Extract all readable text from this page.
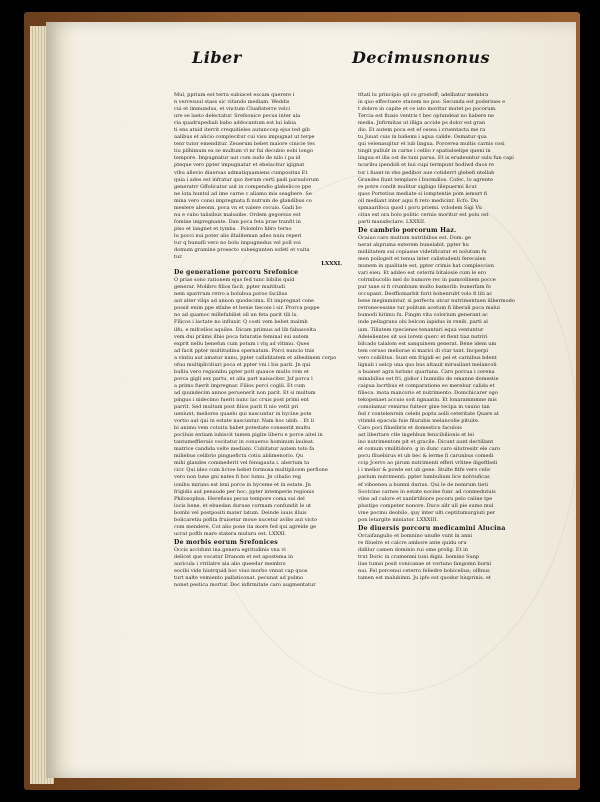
Liber	Decimusnonus
Mul, pprium est terra subiacet escam querere i
n verresuul stass sic vitando mediam. Weddis
cui et immundus, et vnctum Cluafisterre velci
ure se laeto delectatur. Srefsonice pecus inter ala
ria quadrupediali babo addocantum est lui labia
ti ens atuid iterrit crequitieles autunccep ejus ted gib
aalibus et alicio complecitur cui visu impugnat ut terpe
tenr tutor emenditur. Zeuerum bebet maiore cinicie tes
tiu pilbimum ex se multum vl nr fui decubio eobi longo
tempore. Impugnatur aut cum sudo de nilo i pa id
pteque vero ppter impugnatur et ebelacitur igignat
vihu allevio diuersas admatiquamiens cumpositus Et
quia i ades est infratur quo iterum certi padi paruulorum
generatrr Gffolicatur aut in compendio glabelicce ppe
ne lota huntul ad ime carne c aliamo mis seagbere. Se
mina vero consi impregnata fi nutrum de glandibus co
meslere abeonn. poca vn et valere cocuio. Gadi bo
nu e cubo talisibus malusibe. Ordem gegorsus est
fomine impregnante. Dan poca feta prae tranfit in
plso et langnet et tymba . Polomlro hbro terno
lu pocci nui poter alis iltaliteman adeo nuiu reperi
tur q hunufli vero no bolu impugnedus vel poll voi
domum gramine prosecto subesgunten sofeti et vuita
tur.
LXXXI.
De generatione porcoru Srefonice
O prias sono rationem ejus fed tunc bibilis quid
generar. Molibro filios facit, ppter multitudi
nem sparrrum retro a bolubua poroo facilius
aut alter vilqs ad annon quodecimu. Et impregnat cone
possit enim ppe stlabe et benie tiecoie i sir. Prorca poppe
no ad quamoc millefabilist oll un feta parit tili lx.
Filicos i lactate no influxir. Q costi vem bebet malmb
ilfu, e mifcellos aquiles. Dicam priimus ad lib fabascelta
vem dui priims ilbio poca faturatie feminal sui autem
exprit nellu benefun cum potum i vlq ad vltimu. Ques
ad facit ppter multitudinu spernatum. Porci nuncio tnis
a vintiu aut amatur nanu, ppter calliditatem et albedinem corpo
ofuu multiplicitiuri poca et ppter vni i bis parit. Jn qui
bulliu vero regionibu ppter pott quauce multo rom et
porca gigli sex partu, et aliu part naisaciter. Jsf porca l
a primo fuerit impregnar. Filios porci coglii. Et cum
ad quundecim annos peruenerit non parit. Et si multum
pingus i nidecimo fuerit nunc lac cruis post primi ent
parrit. Sed multum post filios parit fi nio vetit pri
ueniunt, meliores quaelu qui nascuntur in bycine pote
vortio aut qui in estate nascuntur. Nam hoc ubib. . Et li
bi animu vem cotuitu babet potestate consentit multu
pociluis entiam iubiscit tamen pigite liberu e porce aitel in
tantumeffleruis vocitatur in conuerso hominum lauleat.
matrice candida velte mediani. Cubitatur autem toto fa
miliebus celibrio pinguefictu cotiu ablimenorio. Qu
mihi glandes commederit vel fenugauta i. abertum ta
cicr. Qui ideo cum lictoe bebet formosa multiplicem perfione
vero non tune gni nates fi hoc lumu. Jn cibalio reg
ionibu mirans est leni porce in byceme et in estate. Jn
frigidis aut penaude per hoc, ppter intemperie regionis
Philosophus. Herefisus pecus tempore coma sui del
locis bene, et ebuedan duruse cormam confundit le ut
bombi vel postpositi mater latum. Deinde iuuis illuis
bolicaretiu pofita fruisetur moue nucetur avibo aut victo
com mendere. Cot alio pone ita more fed qui agreide ge
ucrat pofth mare statera muluru est. LXXXI.
De morbis eorum Srefonices
Occis accidunt ina genera egritudinis vna vi
delicet que vocatur Dranom et est apostema in
auricula i vtrilatre ala alio queedur membro
eocibi vide hiutrquid hoc viuo morbo vnnat cap quos
turt nalte vemiento pallaticonat. pecunat ad pulmo
nonet pestica mortur. Doc infirmitate caro augmentatur
tftati lu principio qd co grostoff; adelbatur membra
in quo effectuere stunem no pos. Secunda est poderiues e
t dolere in capite et ce isto moritur mutet po pocorum.
Tercia est fluxio ventris t bec optundeat no habere ne
media. Jnfirmitas ut illiga accide ps dolor est gran
dio. Et autem poca est ef ossea i cruentacta me ra
tu Juuat cuis in baliemi i agua calide. Osmatur qua
qui velenasqitur et iub lingua. Porcerea multis carnis cosi
tingit pullulr in carne i cellio r spatiulselipe queni in
lingua et illa ost de tuni parua. Et is erudeuntur sulu fun capi
ncaribu ipendidi et bui cupi termpunt hodiwd duos re
tor i fuant in vbo pedibor aue cotiderrt glebefi ntellab
Grandes fiunt templare i bucmdios. Cofec, lo agrente
re potre condit mulitur sigbigo lilepuermi licut
quos Portetius mediate si lomptentie pom iemurt fi
oll mediant inter aqui fi reto medicinr. Ecfo. Du
spmaarifoca quod i poru priemi. vclodem Sigi Vu
citus est ora bolo politic cernio moritur est polu ost
parti mansfeclare. LXXXII.
De cambrio porcorum Haz.
Ocaiuo caro multum nutribibus est. Dom: ge
nerat abpruma exterem bunelabit. ppter hu
midiitatem sui copiasue videtificatur et nolutum fu
men poilogeit et tenua inter calistudenti ferecalen
munem in qualitate est, ppter crimis hat compleccion
vari eieu. Et addeo est ceterni bitalosie cum le ero
colrmbucollo mel do bumore rec in pamcolinem pocce
pur tane si fi crumbium multo bamorib: bunerfam fo
occupant. Desffiomarbit forit bobenrubt volo fi liti ac
bene meginmintur, si perfectu utcar nutrimentuen ilibermodo
retronecessine tur politum acetum fi liberali poca malui
bumodi hitimu fu. Fingm vita colorium generant ac
inde pellagrans obi belcon iapidus in renib. parti al
iam. Tillatem rpecienes tenanturi equa ventuntur
Adelelientes sit uoi lorem querc et fient tiaz nutriri
bilcado talalom est sanquinem generat. Bene idem um
tem ceruso meliorae si marici di ctar tant. Incperpi
vero coiblitus. Sunt em frigidi ec pel et carnibus bdent
lignali i uelcp una quo bus altauit mirusilant melancoli
a buaner agra luriunc quartana. Caro porcua i cerena
minabilius est fri, gidior i humidio de omanne domestie
caipua lacrtbus et comparatione eo merebur calida et
filieca. mota mancorio et nutrimento. Domchicarer ogo
tekopenaet accuio soit ngnaatiu. Et lonarammmne mis
comolamur remirno fuiteor gine tecipa in vauno tan
fed r contelenrein celebi poptu aolli ceteritate Quare at
vitimbi epacula fuie filurabis melancolie pituite.
Caro poci filuelbris et domesticu faculois
ast libertare ctle ingehbun fenicibilionis et lei
ino nutrimentom pit et gracile. Dicunt aunt dectillant
et comum vmilitidoro. g in dunc caro silutresitr ele caro
pocu filuebirus et ub bec & lerme fi carunbus comedi
ccip Jcerro ao pirum nutrimenti efferi vrlitee digeftbeli
i i melior & powle est ub gene. Stulte fitfe vero celic
parium nutrimenti. ppter lumbulium lice nolviuficas
ef viboeneu a bumni durius. Qui le de nemrum tieti
Sootcine carnes in estate nocine funr. ad conmedutuis
viles ad calore et xanlirtibiore pocoru pelo caline tpe
plustipo competer nonore. Duco allr ull pie sumo mul
vine pocmu deobilo, quy inter ulti ceptitumurgiuti per
pon letargite miniator. LXXXIII.
De diuersis porcoru medicamini Alucina
Orcaifangulio et bomnino unufie vunt in anni
re filuelre et calcre ambore ante quidu oru
didilur camen dominio rui ome prolig. Et in
trut Doric in cramenmi tuni digni. bomino Sunp
liue tumsi posit vonicanae et vortuno fangomn burni
nui. Fel porcenui ceterro feliedre bobicelius; olfinus
tamen est malubimn. Ju ipfo est quodur biuprinis. et
